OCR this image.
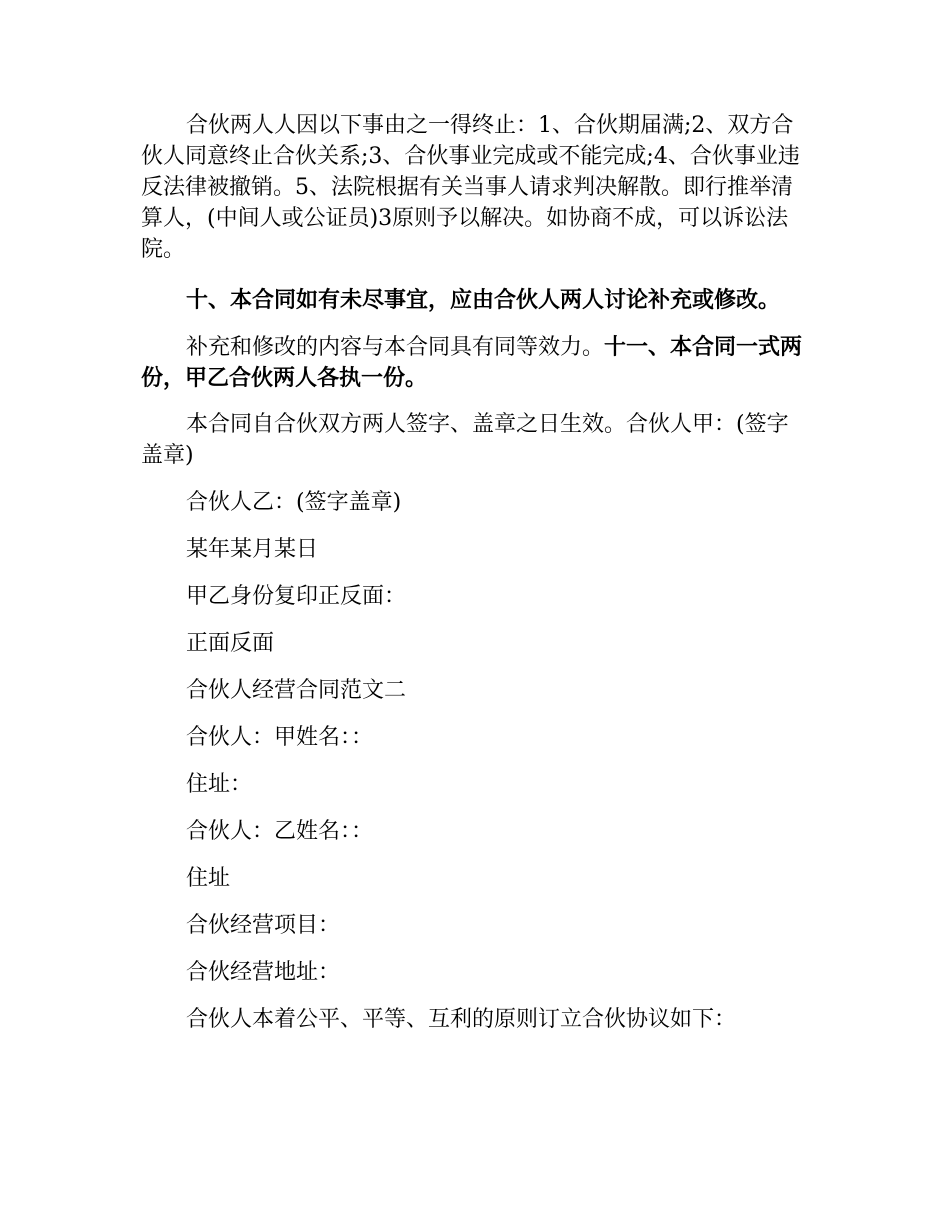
合伙两人人因以下事由之一得终止：1、合伙期届满;2、双方合伙人同意终止合伙关系;3、合伙事业完成或不能完成;4、合伙事业违反法律被撤销。5、法院根据有关当事人请求判决解散。即行推举清算人，(中间人或公证员)3原则予以解决。如协商不成，可以诉讼法院。

十、本合同如有未尽事宜，应由合伙人两人讨论补充或修改。

补充和修改的内容与本合同具有同等效力。十一、本合同一式两份，甲乙合伙两人各执一份。

本合同自合伙双方两人签字、盖章之日生效。合伙人甲：(签字盖章)

合伙人乙：(签字盖章)

某年某月某日

甲乙身份复印正反面：

正面反面

合伙人经营合同范文二

合伙人：甲姓名：：

住址：

合伙人：乙姓名：：

住址

合伙经营项目：

合伙经营地址：

合伙人本着公平、平等、互利的原则订立合伙协议如下：
